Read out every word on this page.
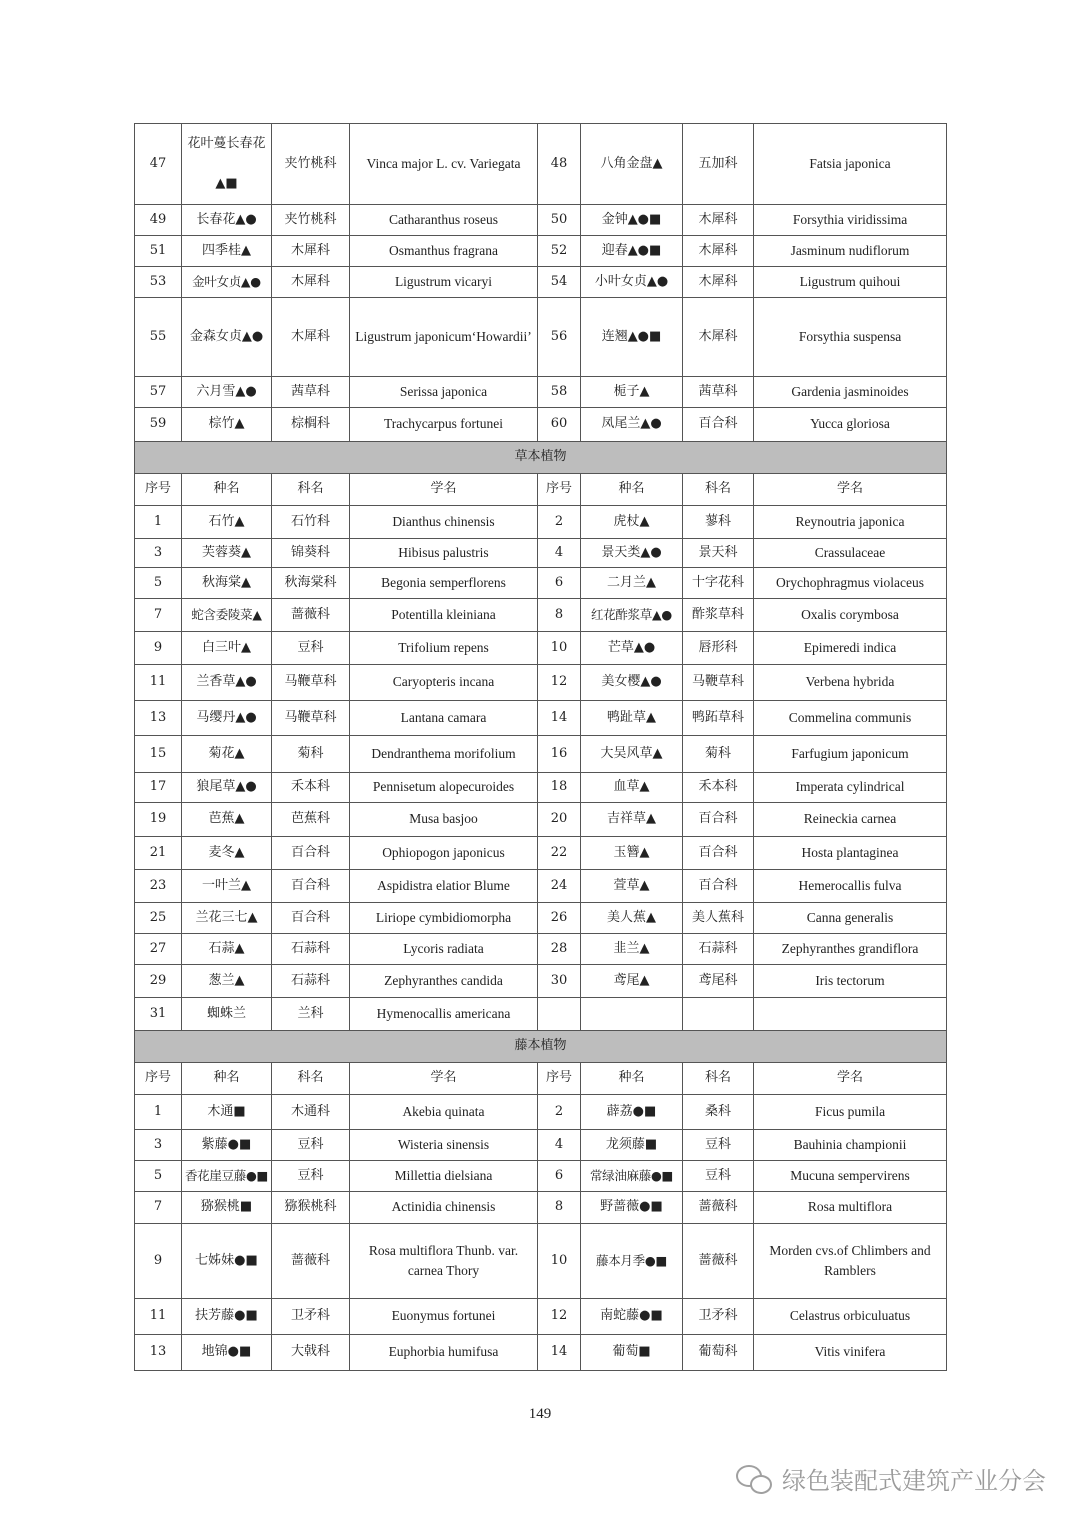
47	花叶蔓长春花▲■	夹竹桃科	Vinca major L. cv. Variegata	48	八角金盘▲	五加科	Fatsia japonica
49	长春花▲●	夹竹桃科	Catharanthus roseus	50	金钟▲●■	木犀科	Forsythia viridissima
51	四季桂▲	木犀科	Osmanthus fragrana	52	迎春▲●■	木犀科	Jasminum nudiflorum
53	金叶女贞▲●	木犀科	Ligustrum vicaryi	54	小叶女贞▲●	木犀科	Ligustrum quihoui
55	金森女贞▲●	木犀科	Ligustrum japonicum‘Howardii’	56	连翘▲●■	木犀科	Forsythia suspensa
57	六月雪▲●	茜草科	Serissa japonica	58	栀子▲	茜草科	Gardenia jasminoides
59	棕竹▲	棕榈科	Trachycarpus fortunei	60	凤尾兰▲●	百合科	Yucca gloriosa
草本植物							
序号	种名	科名	学名	序号	种名	科名	学名
1	石竹▲	石竹科	Dianthus chinensis	2	虎杖▲	蓼科	Reynoutria japonica
3	芙蓉葵▲	锦葵科	Hibisus palustris	4	景天类▲●	景天科	Crassulaceae
5	秋海棠▲	秋海棠科	Begonia semperflorens	6	二月兰▲	十字花科	Orychophragmus violaceus
7	蛇含委陵菜▲	蔷薇科	Potentilla kleiniana	8	红花酢浆草▲●	酢浆草科	Oxalis corymbosa
9	白三叶▲	豆科	Trifolium repens	10	芒草▲●	唇形科	Epimeredi indica
11	兰香草▲●	马鞭草科	Caryopteris incana	12	美女樱▲●	马鞭草科	Verbena hybrida
13	马缨丹▲●	马鞭草科	Lantana camara	14	鸭趾草▲	鸭跖草科	Commelina communis
15	菊花▲	菊科	Dendranthema morifolium	16	大吴风草▲	菊科	Farfugium japonicum
17	狼尾草▲●	禾本科	Pennisetum alopecuroides	18	血草▲	禾本科	Imperata cylindrical
19	芭蕉▲	芭蕉科	Musa basjoo	20	吉祥草▲	百合科	Reineckia carnea
21	麦冬▲	百合科	Ophiopogon japonicus	22	玉簪▲	百合科	Hosta plantaginea
23	一叶兰▲	百合科	Aspidistra elatior Blume	24	萱草▲	百合科	Hemerocallis fulva
25	兰花三七▲	百合科	Liriope cymbidiomorpha	26	美人蕉▲	美人蕉科	Canna generalis
27	石蒜▲	石蒜科	Lycoris radiata	28	韭兰▲	石蒜科	Zephyranthes grandiflora
29	葱兰▲	石蒜科	Zephyranthes candida	30	鸢尾▲	鸢尾科	Iris tectorum
31	蜘蛛兰	兰科	Hymenocallis americana				
藤本植物							
序号	种名	科名	学名	序号	种名	科名	学名
1	木通■	木通科	Akebia quinata	2	薜荔●■	桑科	Ficus pumila
3	紫藤●■	豆科	Wisteria sinensis	4	龙须藤■	豆科	Bauhinia championii
5	香花崖豆藤●■	豆科	Millettia dielsiana	6	常绿油麻藤●■	豆科	Mucuna sempervirens
7	猕猴桃■	猕猴桃科	Actinidia chinensis	8	野蔷薇●■	蔷薇科	Rosa multiflora
9	七姊妹●■	蔷薇科	Rosa multiflora Thunb. var. carnea Thory	10	藤本月季●■	蔷薇科	Morden cvs.of Chlimbers and Ramblers
11	扶芳藤●■	卫矛科	Euonymus fortunei	12	南蛇藤●■	卫矛科	Celastrus orbiculuatus
13	地锦●■	大戟科	Euphorbia humifusa	14	葡萄■	葡萄科	Vitis vinifera
149
绿色装配式建筑产业分会
